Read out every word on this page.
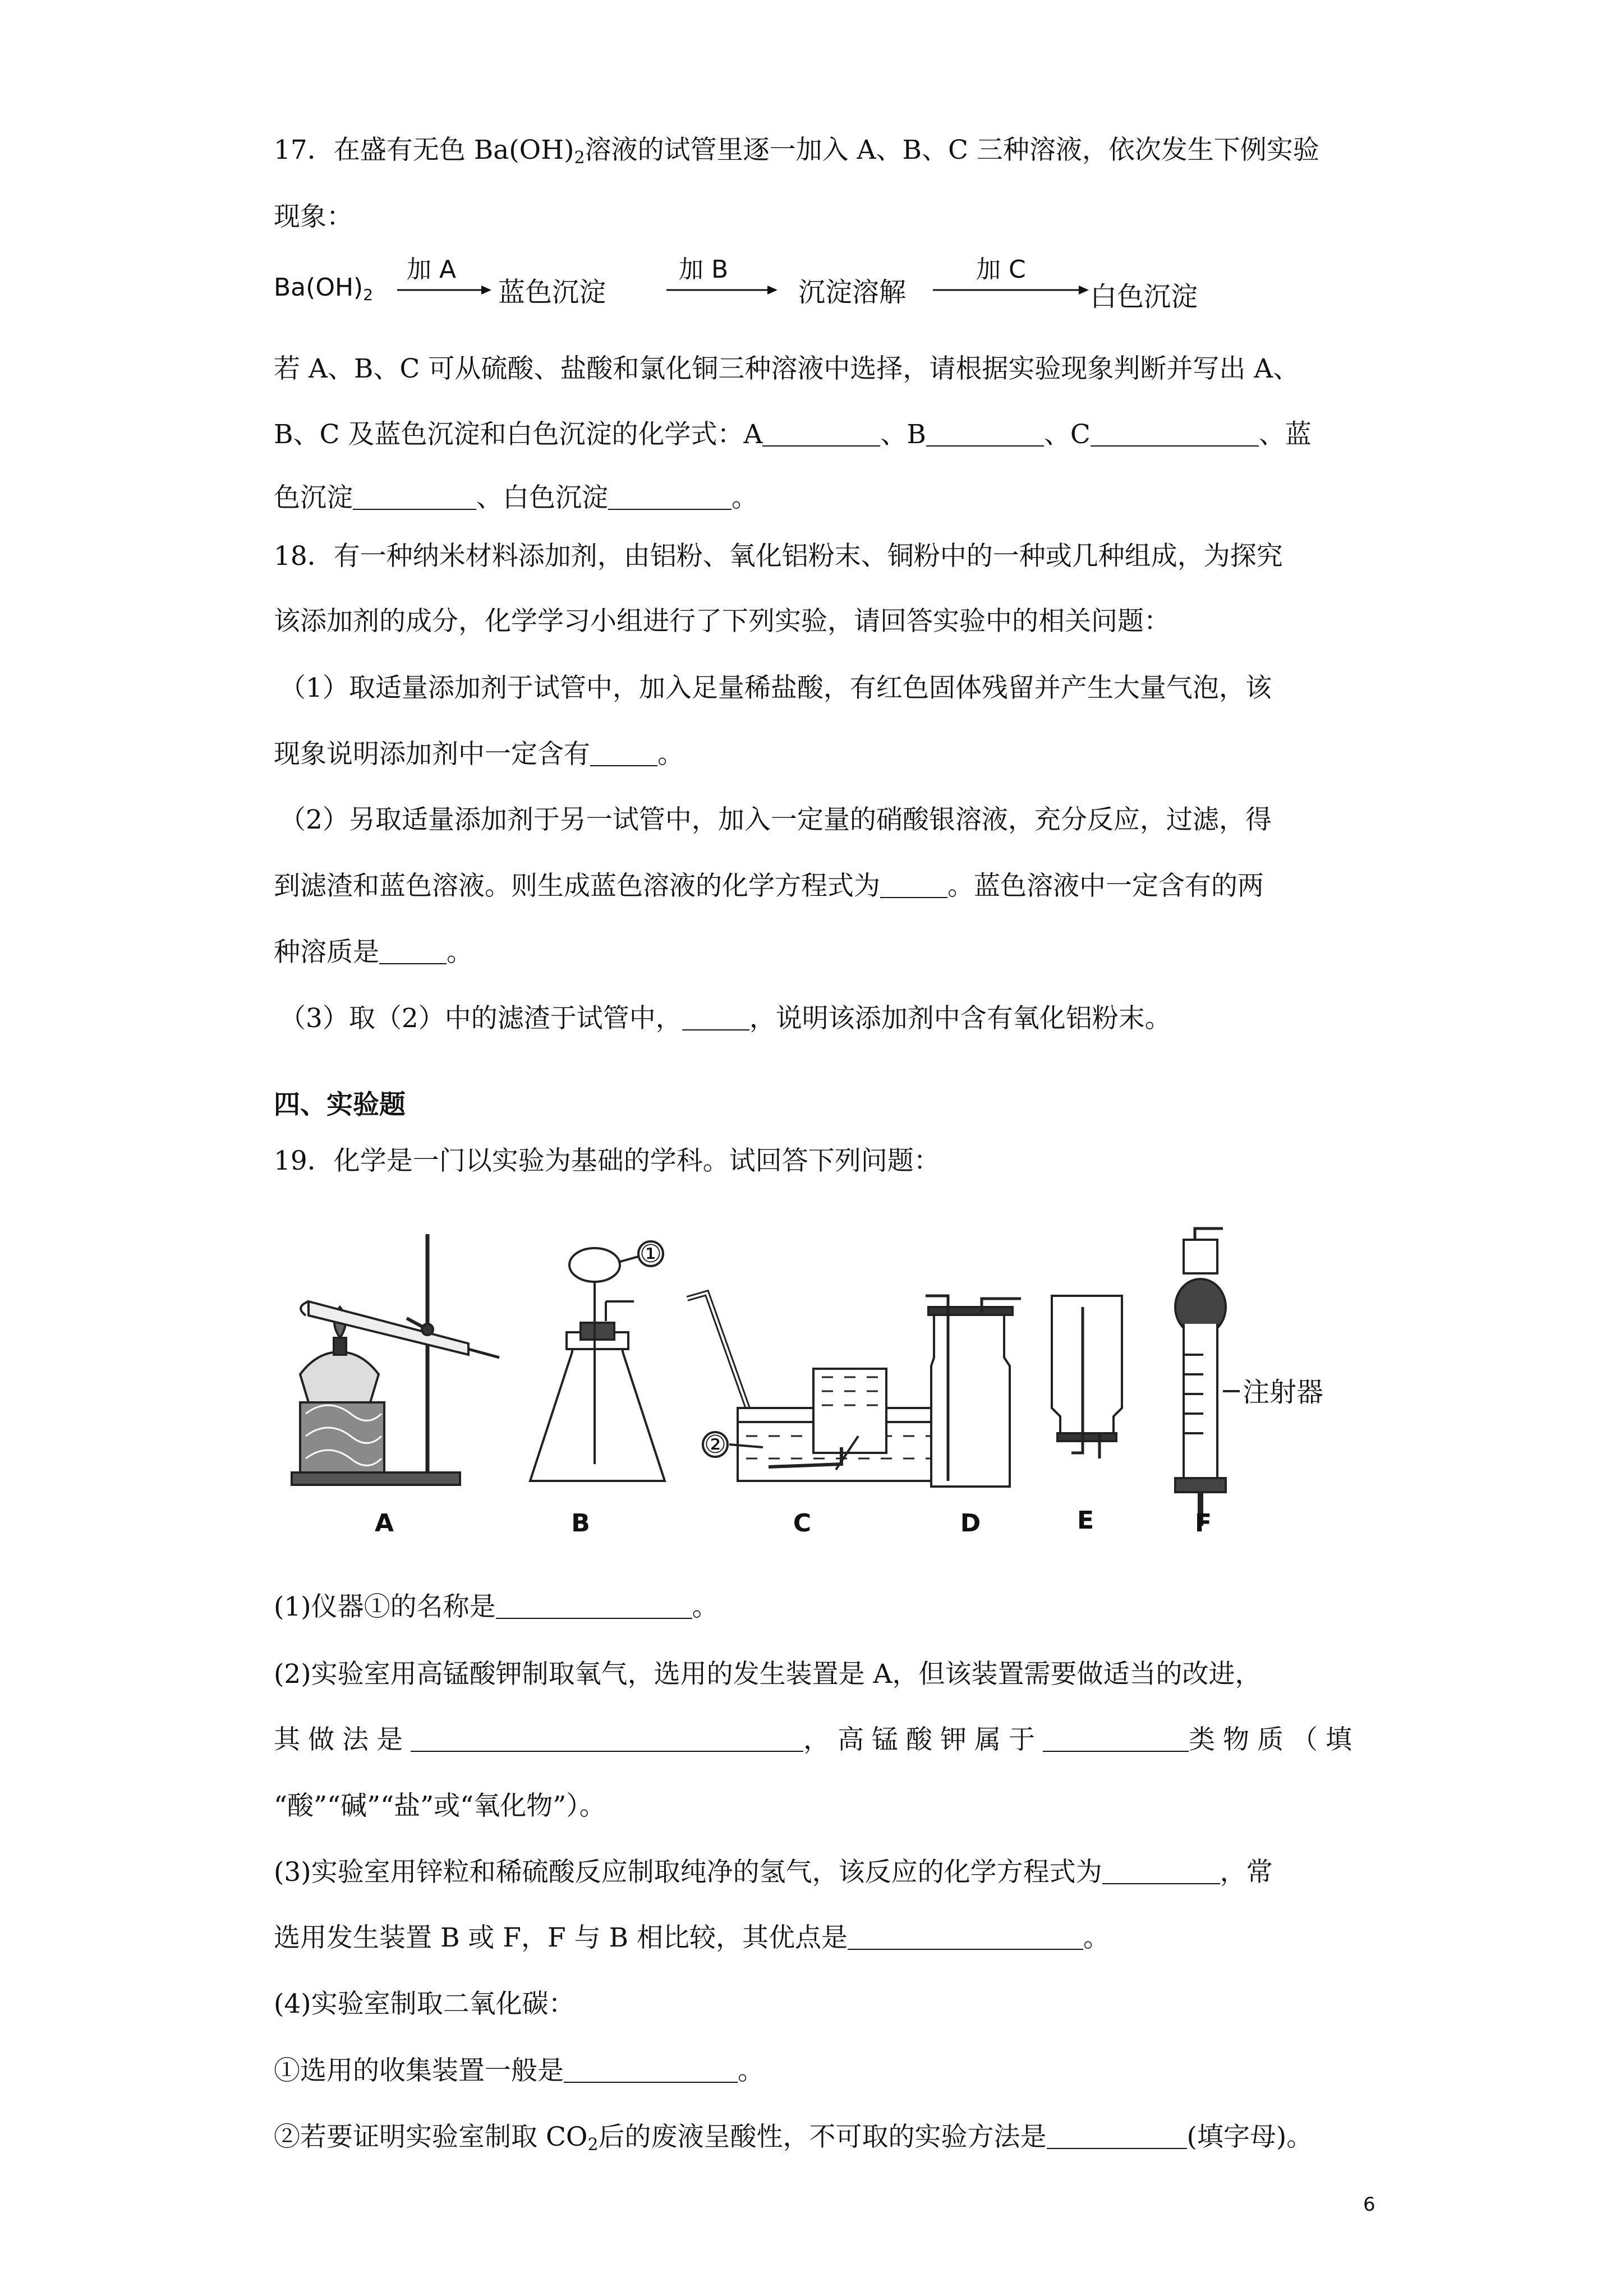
17．在盛有无色 $Ba(OH)_2$溶液的试管里逐一加入 A、B、C 三种溶液，依次发生下例实验
现象：
Ba(OH)2
加 A
蓝色沉淀
加 B
沉淀溶解
加 C
白色沉淀
若 A、B、C 可从硫酸、盐酸和氯化铜三种溶液中选择，请根据实验现象判断并写出 A、
B、C 及蓝色沉淀和白色沉淀的化学式：A	、B	、C	、蓝
色沉淀	、白色沉淀	。
18．有一种纳米材料添加剂，由铝粉、氧化铝粉末、铜粉中的一种或几种组成，为探究
该添加剂的成分，化学学习小组进行了下列实验，请回答实验中的相关问题：
（1）取适量添加剂于试管中，加入足量稀盐酸，有红色固体残留并产生大量气泡，该
现象说明添加剂中一定含有	。
（2）另取适量添加剂于另一试管中，加入一定量的硝酸银溶液，充分反应，过滤，得
到滤渣和蓝色溶液。则生成蓝色溶液的化学方程式为	。蓝色溶液中一定含有的两
种溶质是	。
（3）取（2）中的滤渣于试管中，	，说明该添加剂中含有氧化铝粉末。
四、实验题
19．化学是一门以实验为基础的学科。试回答下列问题：
①
②
注射器
A	B	C	D	E	F
(1)仪器①的名称是	。
(2)实验室用高锰酸钾制取氧气，选用的发生装置是 A，但该装置需要做适当的改进，
其做法是	，高锰酸钾属于	类物质（填
“酸”“碱”“盐”或“氧化物”）。
(3)实验室用锌粒和稀硫酸反应制取纯净的氢气，该反应的化学方程式为	，常
选用发生装置 B 或 F，F 与 B 相比较，其优点是	。
(4)实验室制取二氧化碳：
①选用的收集装置一般是	。
②若要证明实验室制取 $CO_2$后的废液呈酸性，不可取的实验方法是	(填字母)。
6
